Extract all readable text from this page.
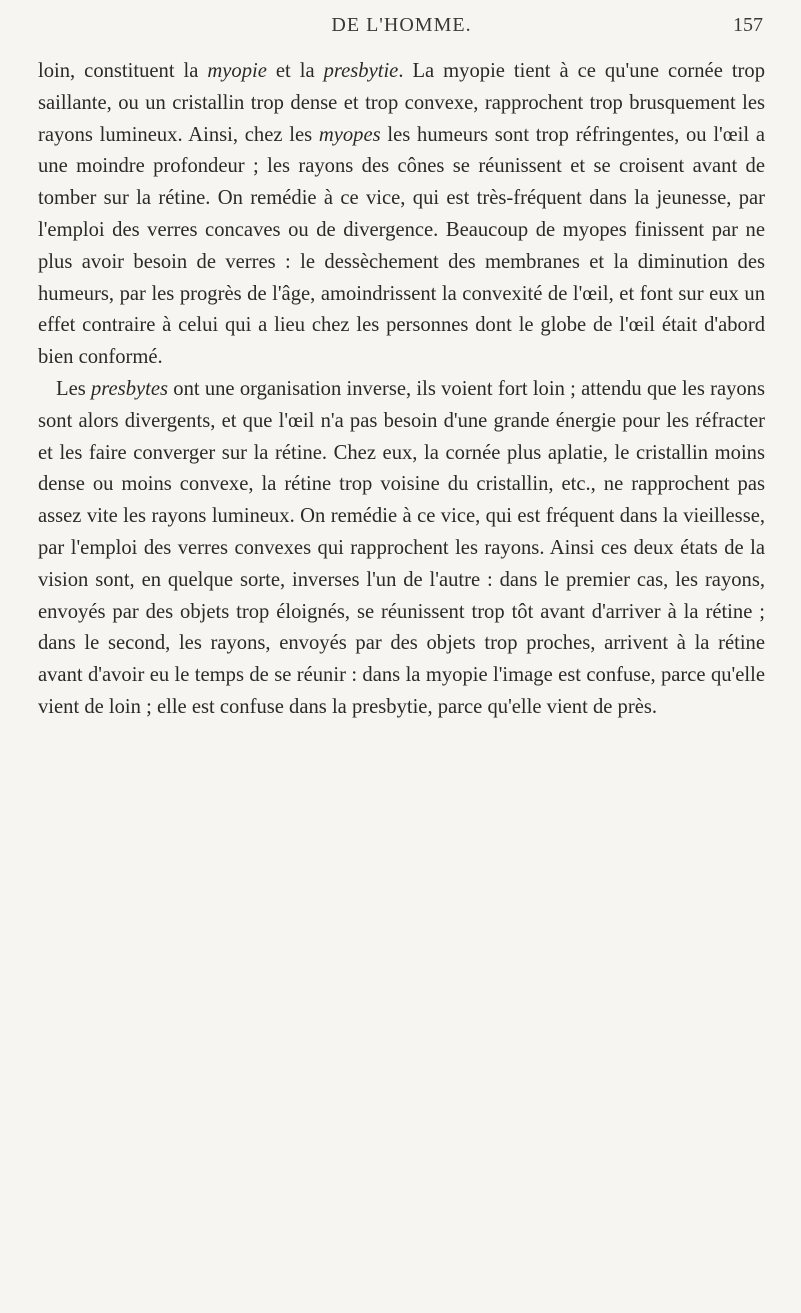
DE L'HOMME.	157

loin, constituent la myopie et la presbytie. La myopie tient à ce qu'une cornée trop saillante, ou un cristallin trop dense et trop convexe, rapprochent trop brusquement les rayons lumineux. Ainsi, chez les myopes les humeurs sont trop réfringentes, ou l'œil a une moindre profondeur ; les rayons des cônes se réunissent et se croisent avant de tomber sur la rétine. On remédie à ce vice, qui est très-fréquent dans la jeunesse, par l'emploi des verres concaves ou de divergence. Beaucoup de myopes finissent par ne plus avoir besoin de verres : le dessèchement des membranes et la diminution des humeurs, par les progrès de l'âge, amoindrissent la convexité de l'œil, et font sur eux un effet contraire à celui qui a lieu chez les personnes dont le globe de l'œil était d'abord bien conformé.

Les presbytes ont une organisation inverse, ils voient fort loin ; attendu que les rayons sont alors divergents, et que l'œil n'a pas besoin d'une grande énergie pour les réfracter et les faire converger sur la rétine. Chez eux, la cornée plus aplatie, le cristallin moins dense ou moins convexe, la rétine trop voisine du cristallin, etc., ne rapprochent pas assez vite les rayons lumineux. On remédie à ce vice, qui est fréquent dans la vieillesse, par l'emploi des verres convexes qui rapprochent les rayons. Ainsi ces deux états de la vision sont, en quelque sorte, inverses l'un de l'autre : dans le premier cas, les rayons, envoyés par des objets trop éloignés, se réunissent trop tôt avant d'arriver à la rétine ; dans le second, les rayons, envoyés par des objets trop proches, arrivent à la rétine avant d'avoir eu le temps de se réunir : dans la myopie l'image est confuse, parce qu'elle vient de loin ; elle est confuse dans la presbytie, parce qu'elle vient de près.
